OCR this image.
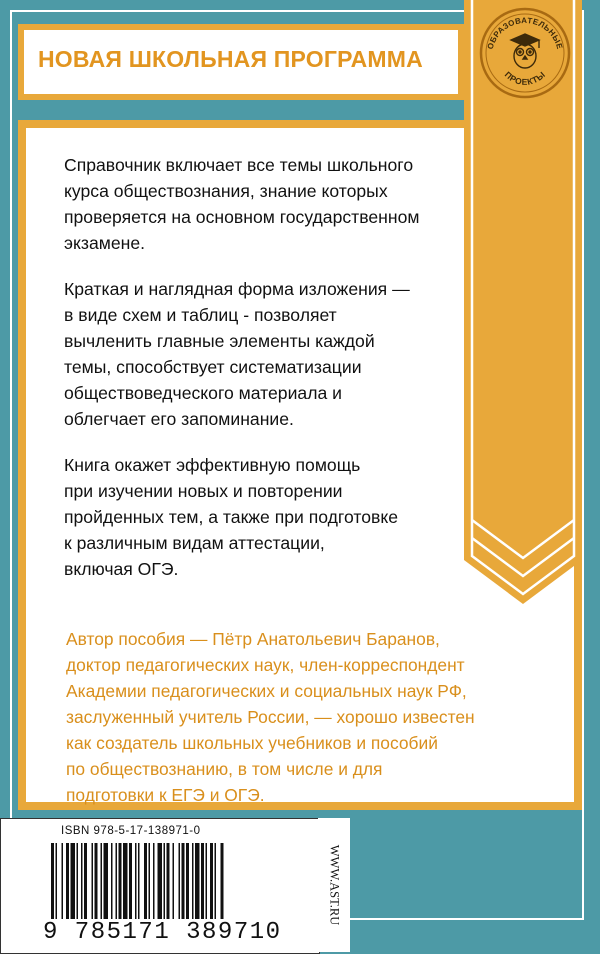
НОВАЯ ШКОЛЬНАЯ ПРОГРАММА
ОБРАЗОВАТЕЛЬНЫЕ
ПРОЕКТЫ

Справочник включает все темы школьного
курса обществознания, знание которых
проверяется на основном государственном
экзамене.

Краткая и наглядная форма изложения —
в виде схем и таблиц - позволяет
вычленить главные элементы каждой
темы, способствует систематизации
обществоведческого материала и
облегчает его запоминание.

Книга окажет эффективную помощь
при изучении новых и повторении
пройденных тем, а также при подготовке
к различным видам аттестации,
включая ОГЭ.

Автор пособия — Пётр Анатольевич Баранов,
доктор педагогических наук, член-корреспондент
Академии педагогических и социальных наук РФ,
заслуженный учитель России, — хорошо известен
как создатель школьных учебников и пособий
по обществознанию, в том числе и для
подготовки к ЕГЭ и ОГЭ.
ISBN 978-5-17-138971-0
9 785171 389710
WWW.AST.RU
